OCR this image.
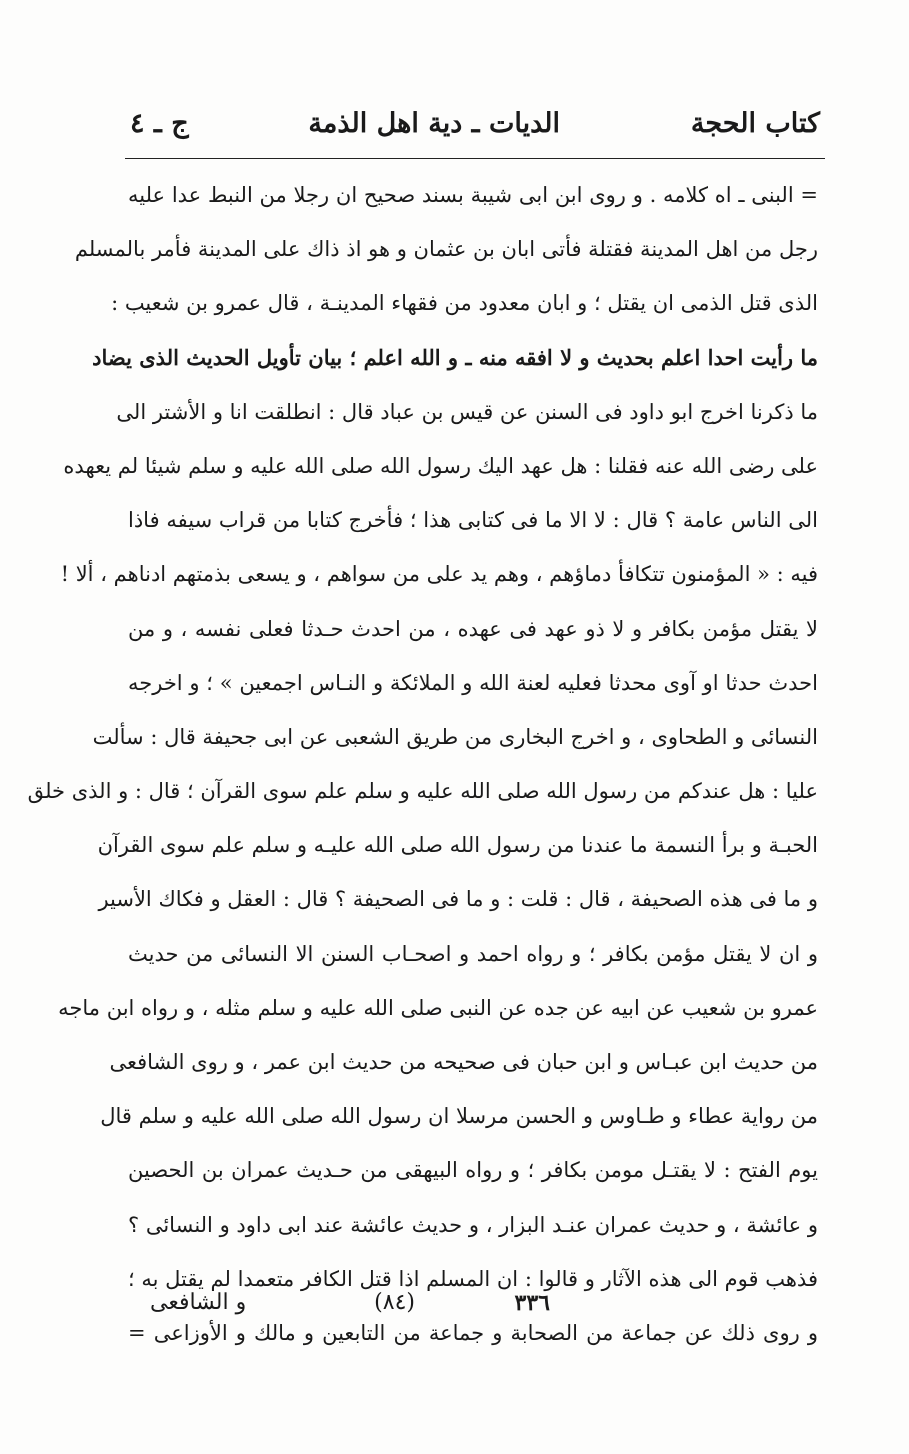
كتاب الحجة
الديات ـ دية اهل الذمة
ج ـ ٤
= البنى ـ اه كلامه . و روى ابن ابى شيبة بسند صحيح ان رجلا من النبط عدا عليه
رجل من اهل المدينة فقتلة فأتى ابان بن عثمان و هو اذ ذاك على المدينة فأمر بالمسلم
الذى قتل الذمى ان يقتل ؛ و ابان معدود من فقهاء المدينـة ، قال عمرو بن شعيب :
ما رأيت احدا اعلم بحديث و لا افقه منه ـ و الله اعلم ؛ بيان تأويل الحديث الذى يضاد
ما ذكرنا اخرج ابو داود فى السنن عن قيس بن عباد قال : انطلقت انا و الأشتر الى
على رضى الله عنه فقلنا : هل عهد اليك رسول الله صلى الله عليه و سلم شيئا لم يعهده
الى الناس عامة ؟ قال : لا الا ما فى كتابى هذا ؛ فأخرج كتابا من قراب سيفه فاذا
فيه : « المؤمنون تتكافأ دماؤهم ، وهم يد على من سواهم ، و يسعى بذمتهم ادناهم ، ألا !
لا يقتل مؤمن بكافر و لا ذو عهد فى عهده ، من احدث حـدثا فعلى نفسه ، و من
احدث حدثا او آوى محدثا فعليه لعنة الله و الملائكة و النـاس اجمعين » ؛ و اخرجه
النسائى و الطحاوى ، و اخرج البخارى من طريق الشعبى عن ابى جحيفة قال : سألت
عليا : هل عندكم من رسول الله صلى الله عليه و سلم علم سوى القرآن ؛ قال : و الذى خلق
الحبـة و برأ النسمة ما عندنا من رسول الله صلى الله عليـه و سلم علم سوى القرآن
و ما فى هذه الصحيفة ، قال : قلت : و ما فى الصحيفة ؟ قال : العقل و فكاك الأسير
و ان لا يقتل مؤمن بكافر ؛ و رواه احمد و اصحـاب السنن الا النسائى من حديث
عمرو بن شعيب عن ابيه عن جده عن النبى صلى الله عليه و سلم مثله ، و رواه ابن ماجه
من حديث ابن عبـاس و ابن حبان فى صحيحه من حديث ابن عمر ، و روى الشافعى
من رواية عطاء و طـاوس و الحسن مرسلا ان رسول الله صلى الله عليه و سلم قال
يوم الفتح : لا يقتـل مومن بكافر ؛ و رواه البيهقى من حـديث عمران بن الحصين
و عائشة ، و حديث عمران عنـد البزار ، و حديث عائشة عند ابى داود و النسائى ؟
فذهب قوم الى هذه الآثار و قالوا : ان المسلم اذا قتل الكافر متعمدا لم يقتل به ؛
و روى ذلك عن جماعة من الصحابة و جماعة من التابعين و مالك و الأوزاعى =
٣٣٦
(٨٤)
و الشافعى
